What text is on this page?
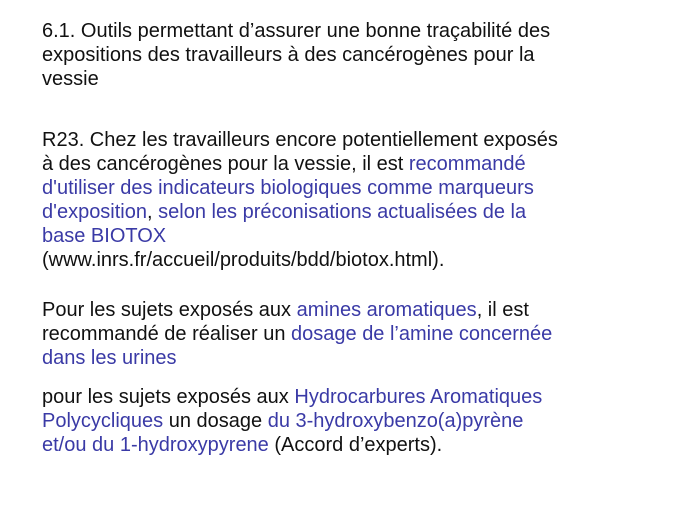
6.1. Outils permettant d’assurer une bonne traçabilité des
expositions des travailleurs à des cancérogènes pour la
vessie
R23. Chez les travailleurs encore potentiellement exposés
à des cancérogènes pour la vessie, il est recommandé
d'utiliser des indicateurs biologiques comme marqueurs
d'exposition, selon les préconisations actualisées de la
base BIOTOX
(www.inrs.fr/accueil/produits/bdd/biotox.html).
Pour les sujets exposés aux amines aromatiques, il est
recommandé de réaliser un dosage de l’amine concernée
dans les urines
pour les sujets exposés aux Hydrocarbures Aromatiques
Polycycliques un dosage du 3-hydroxybenzo(a)pyrène
et/ou du 1-hydroxypyrene (Accord d’experts).
